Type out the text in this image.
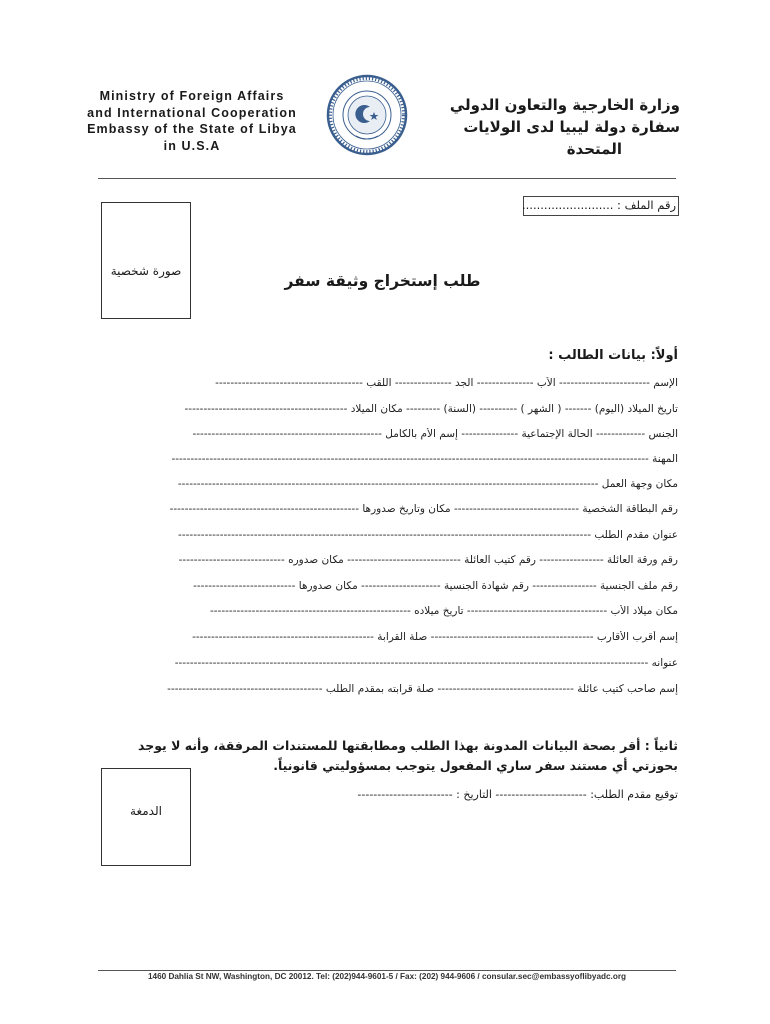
Ministry of Foreign Affairs
and International Cooperation
Embassy of the State of Libya
in U.S.A
وزارة الخارجية والتعاون الدولي
سفارة دولة ليبيا لدى الولايات
المتحدة
صورة شخصية
رقم الملف : .........................
طلب إستخراج وثيقة سفر
أولاً: بيانات الطالب :
الإسم ------------------------ الأب --------------- الجد --------------- اللقب ---------------------------------------
تاريخ الميلاد (اليوم) ------- ( الشهر ) ---------- (السنة) --------- مكان الميلاد -------------------------------------------
الجنس ------------- الحالة الإجتماعية --------------- إسم الأم بالكامل --------------------------------------------------
المهنة ------------------------------------------------------------------------------------------------------------------------------
مكان وجهة العمل ---------------------------------------------------------------------------------------------------------------
رقم البطاقة الشخصية --------------------------------- مكان وتاريخ صدورها --------------------------------------------------
عنوان مقدم الطلب -------------------------------------------------------------------------------------------------------------
رقم ورقة العائلة ----------------- رقم كتيب العائلة ------------------------------ مكان صدوره ----------------------------
رقم ملف الجنسية ----------------- رقم شهادة الجنسية --------------------- مكان صدورها ---------------------------
مكان ميلاد الأب ------------------------------------- تاريخ ميلاده -----------------------------------------------------
إسم أقرب الأقارب ------------------------------------------- صلة القرابة ------------------------------------------------
عنوانه -----------------------------------------------------------------------------------------------------------------------------
إسم صاحب كتيب عائلة ------------------------------------ صلة قرابته بمقدم الطلب -----------------------------------------
ثانياً : أقر بصحة البيانات المدونة بهذا الطلب ومطابقتها للمستندات المرفقة، وأنه لا يوجد بحوزتي أي مستند سفر ساري المفعول يتوجب بمسؤوليتي قانونياً.
الدمغة
توقيع مقدم الطلب: ----------------------- التاريخ : ------------------------
1460 Dahlia St NW, Washington, DC 20012. Tel: (202)944-9601-5 / Fax: (202) 944-9606 / consular.sec@embassyoflibyadc.org
